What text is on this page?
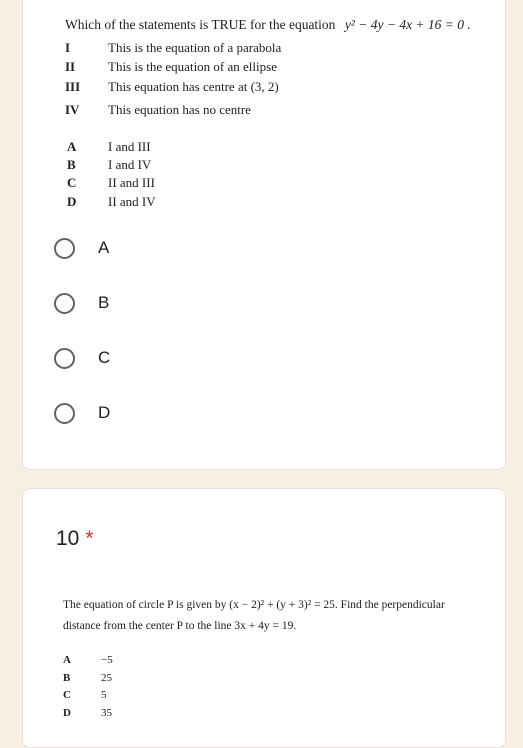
Which of the statements is TRUE for the equation y² − 4y − 4x + 16 = 0 .
I	This is the equation of a parabola
II	This is the equation of an ellipse
III	This equation has centre at (3, 2)
IV	This equation has no centre
A I and III
B I and IV
C II and III
D II and IV
A
B
C
D
10 *
The equation of circle P is given by (x − 2)² + (y + 3)² = 25. Find the perpendicular
distance from the center P to the line 3x + 4y = 19.
A	−5
B	25
C	5
D	35
